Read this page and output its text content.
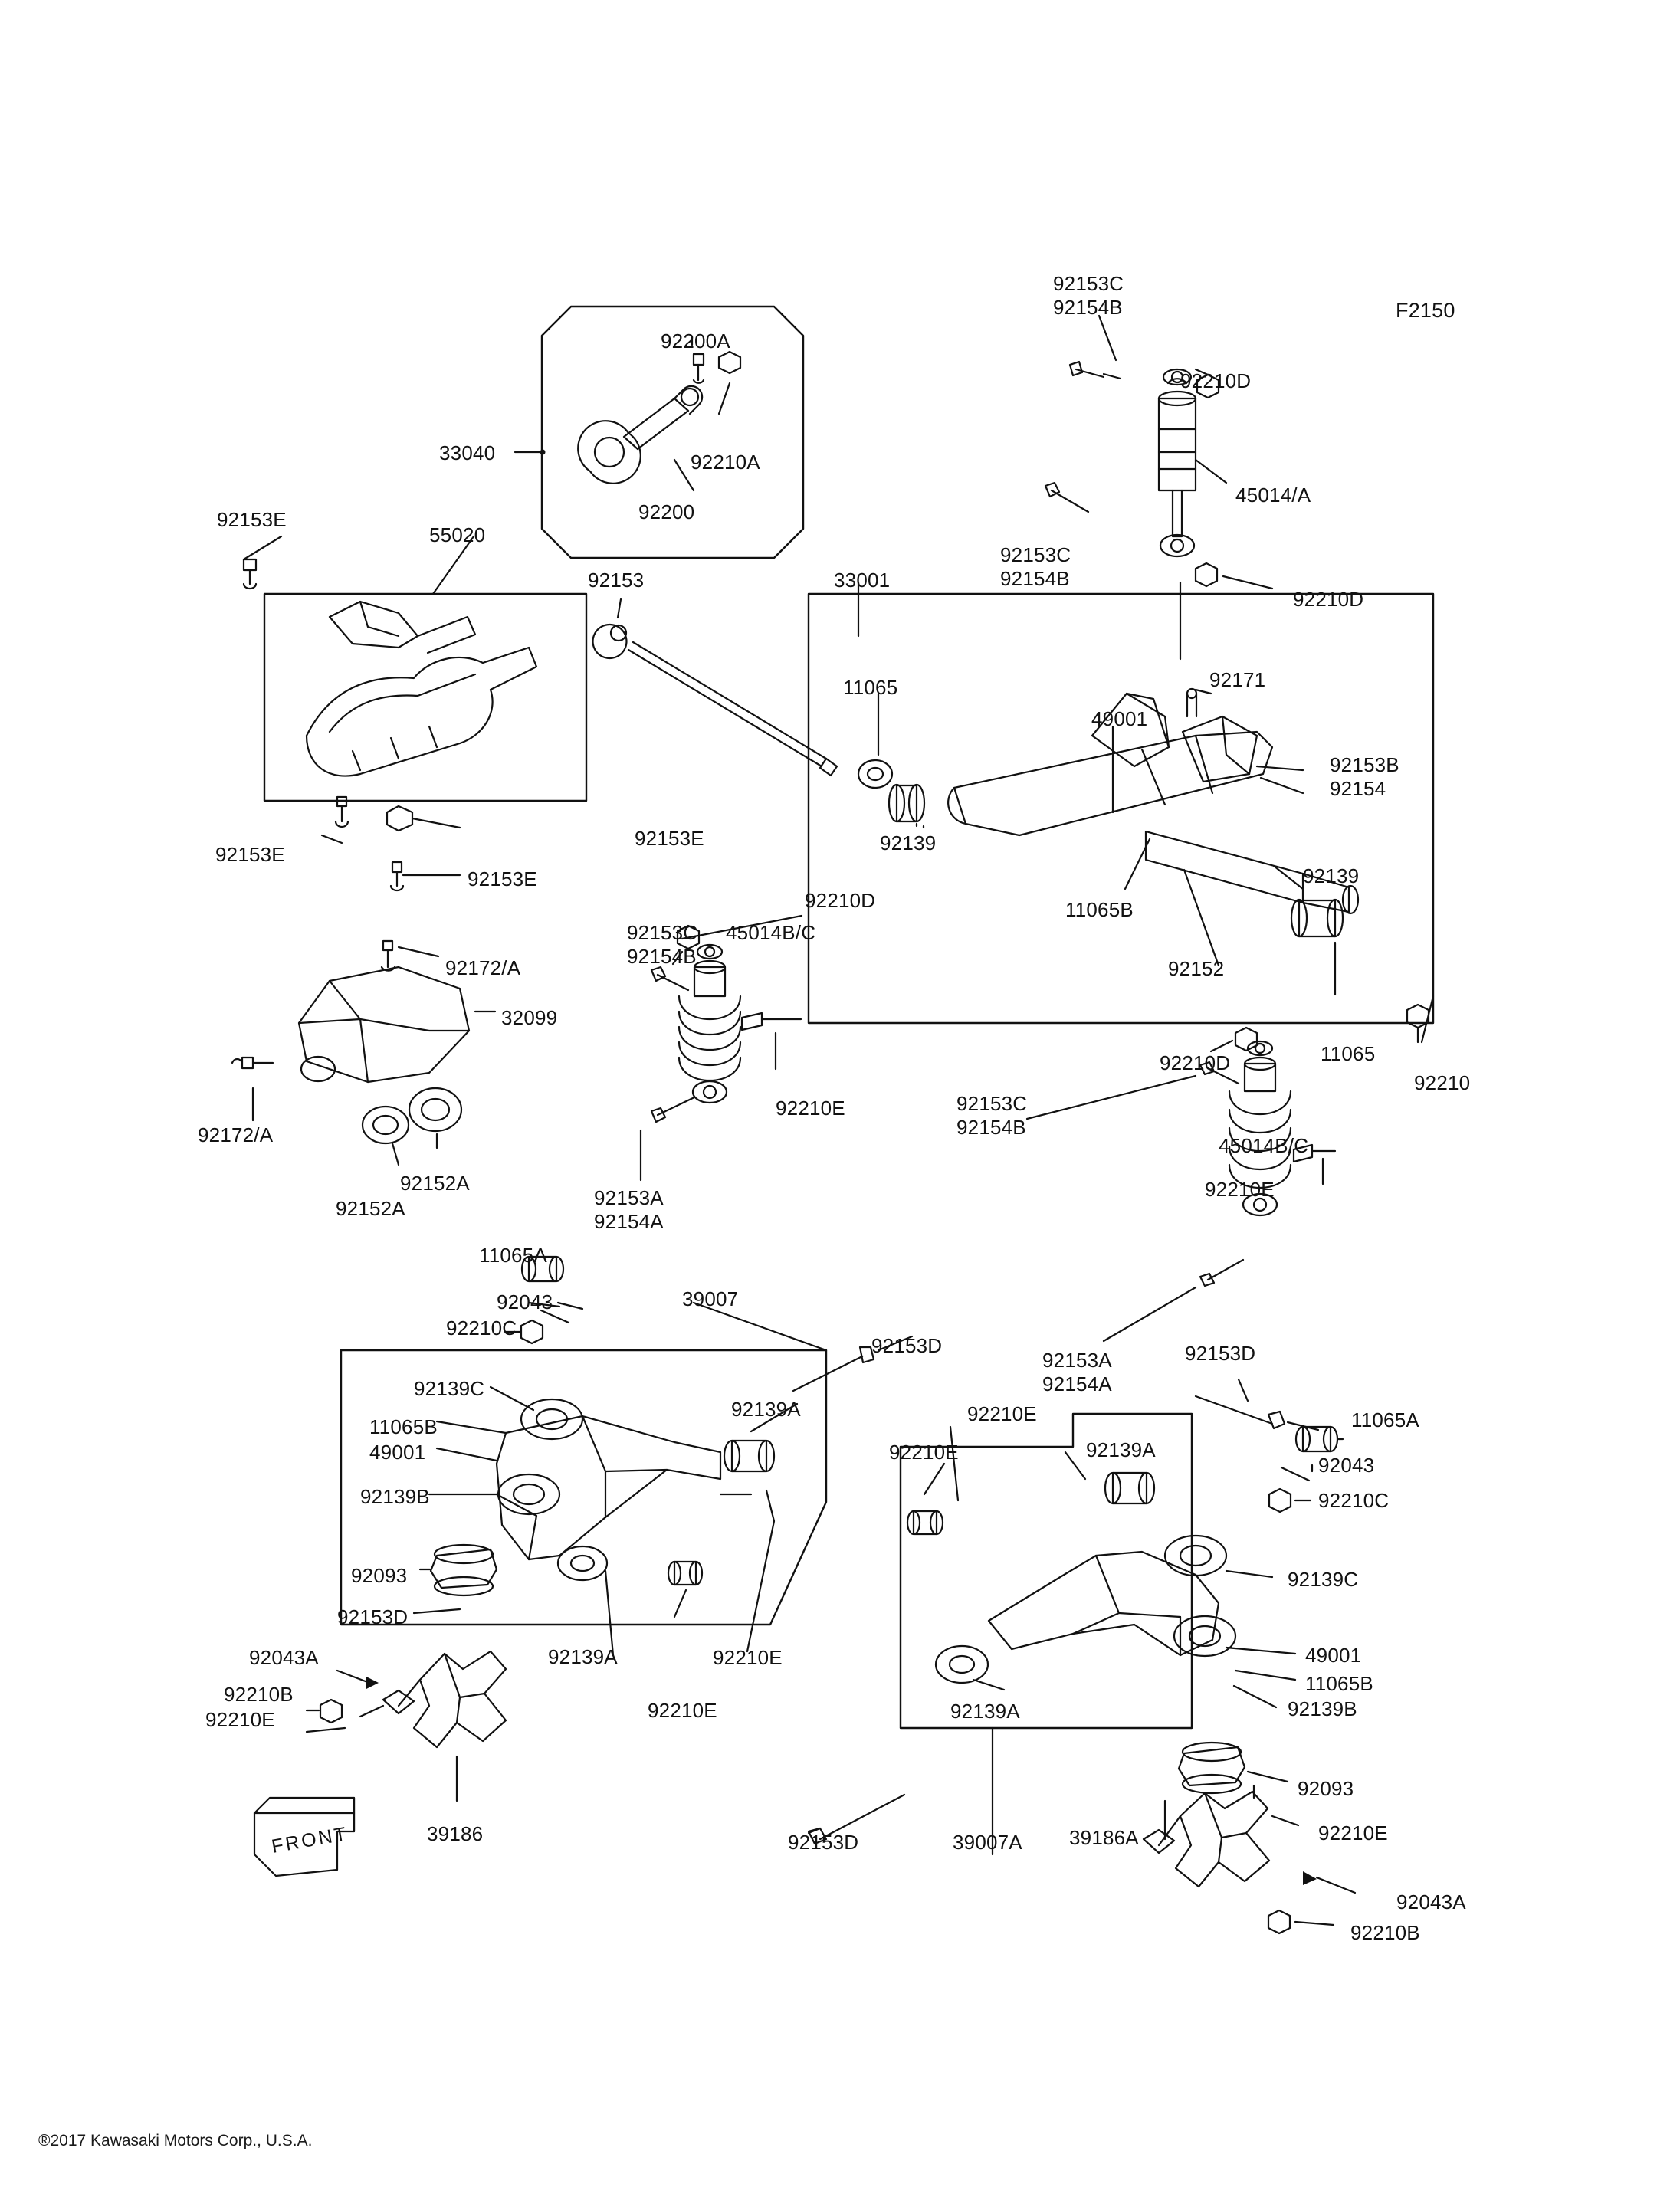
FRONT
92153C
92154B	F2150
92200A
92210D
33040	92210A
45014/A
92200
92153E
55020
92153C
92153	33001	92154B
92210D
11065	92171
49001
92153B
92154
92139
92153E
92153E
92139
11065B
92152
92153E
11065
92210D
45014B/C
92153C
92154B
92172/A
32099
92210E
92210D
92210
92153C
92154B
45014B/C
92172/A
92152A
92152A	92153A
92154A
92210E
11065A
92043	39007
92210C
92153D
92153A
92154A
92153D
92139C
92139A	92210E
11065B	11065A
49001	92139A
92210E
92139B
92043
92210C
92093	92139C
92153D
49001
92139A
11065B
92043A	92210E
92210B
92139A	92139B
92210E	92210E
92093
39186	92153D	39007A	92210E
39186A
92043A
92210B
®2017 Kawasaki Motors Corp., U.S.A.
